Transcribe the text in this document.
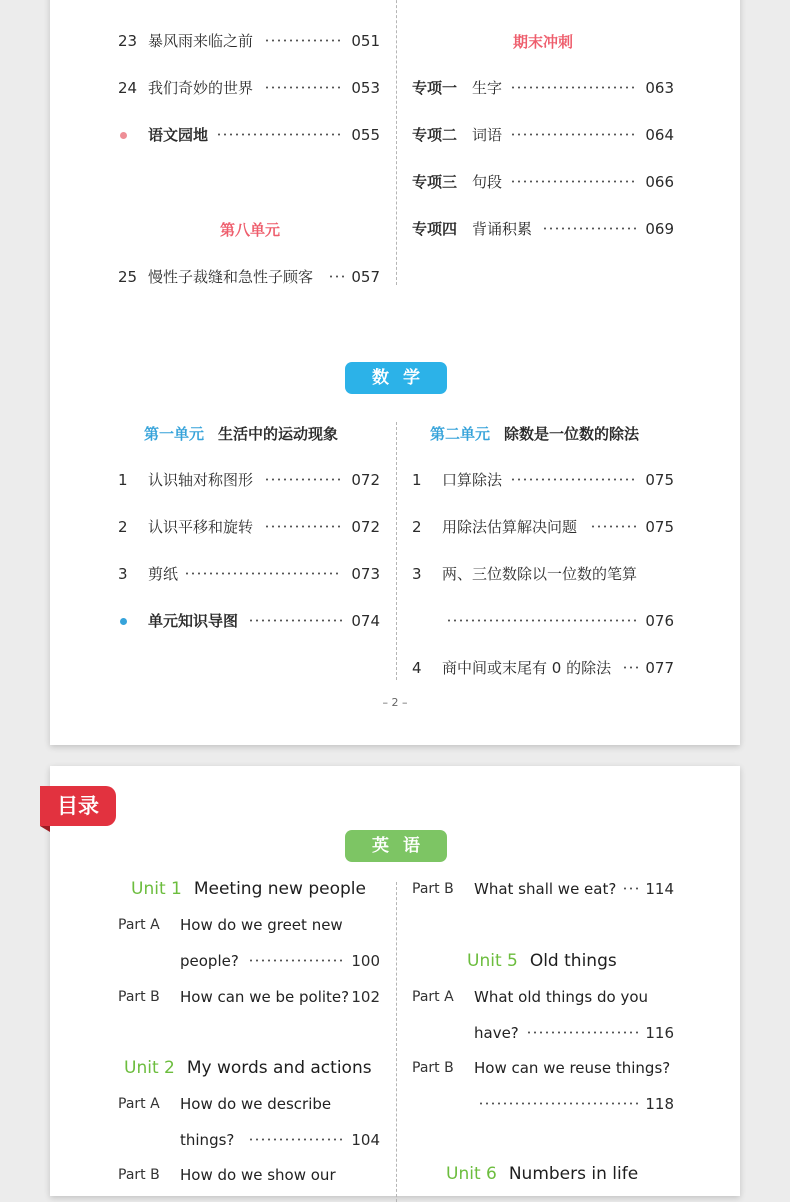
23 暴风雨来临之前	051
24 我们奇妙的世界	053
语文园地	055
第八单元
25 慢性子裁缝和急性子顾客	057
期末冲刺
专项一 生字	063
专项二 词语	064
专项三 句段	066
专项四 背诵积累	069
数学
第一单元 生活中的运动现象	第二单元 除数是一位数的除法
1 认识轴对称图形	072
2 认识平移和旋转	072
3 剪纸	073
单元知识导图	074
1 口算除法	075
2 用除法估算解决问题	075
3 两、三位数除以一位数的笔算
076
4 商中间或末尾有 0 的除法 077
– 2 –
英语
Unit 1 Meeting new people
Part A How do we greet new
people?	100
Part B How can we be polite? 102
Unit 2 My words and actions
Part A How do we describe
things?	104
Part B How do we show our
Part B What shall we eat? 114
Unit 5 Old things
Part A What old things do you
have?	116
Part B How can we reuse things?
118
Unit 6 Numbers in life
目录
